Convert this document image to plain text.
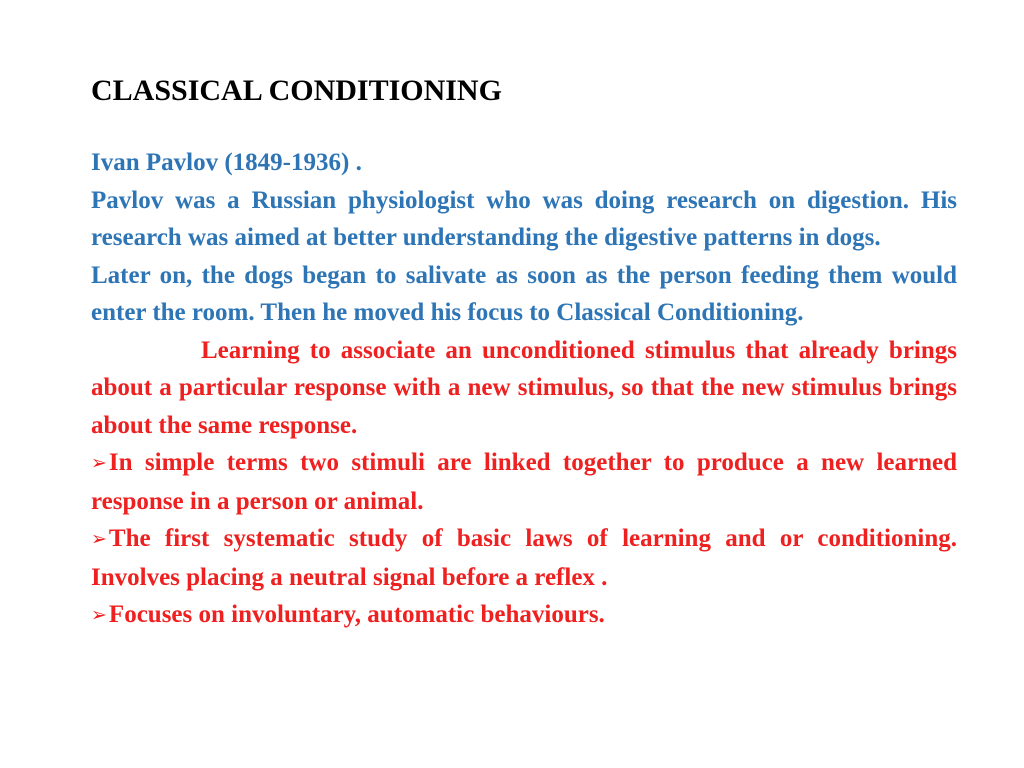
CLASSICAL CONDITIONING

Ivan Pavlov (1849-1936) .

Pavlov was a Russian physiologist who was doing research on digestion. His research was aimed at better understanding the digestive patterns in dogs.

Later on, the dogs began to salivate as soon as the person feeding them would enter the room. Then he moved his focus to Classical Conditioning.

Learning to associate an unconditioned stimulus that already brings about a particular response with a new stimulus, so that the new stimulus brings about the same response.

➢In simple terms two stimuli are linked together to produce a new learned response in a person or animal.

➢The first systematic study of basic laws of learning and or conditioning. Involves placing a neutral signal before a reflex .

➢Focuses on involuntary, automatic behaviours.
